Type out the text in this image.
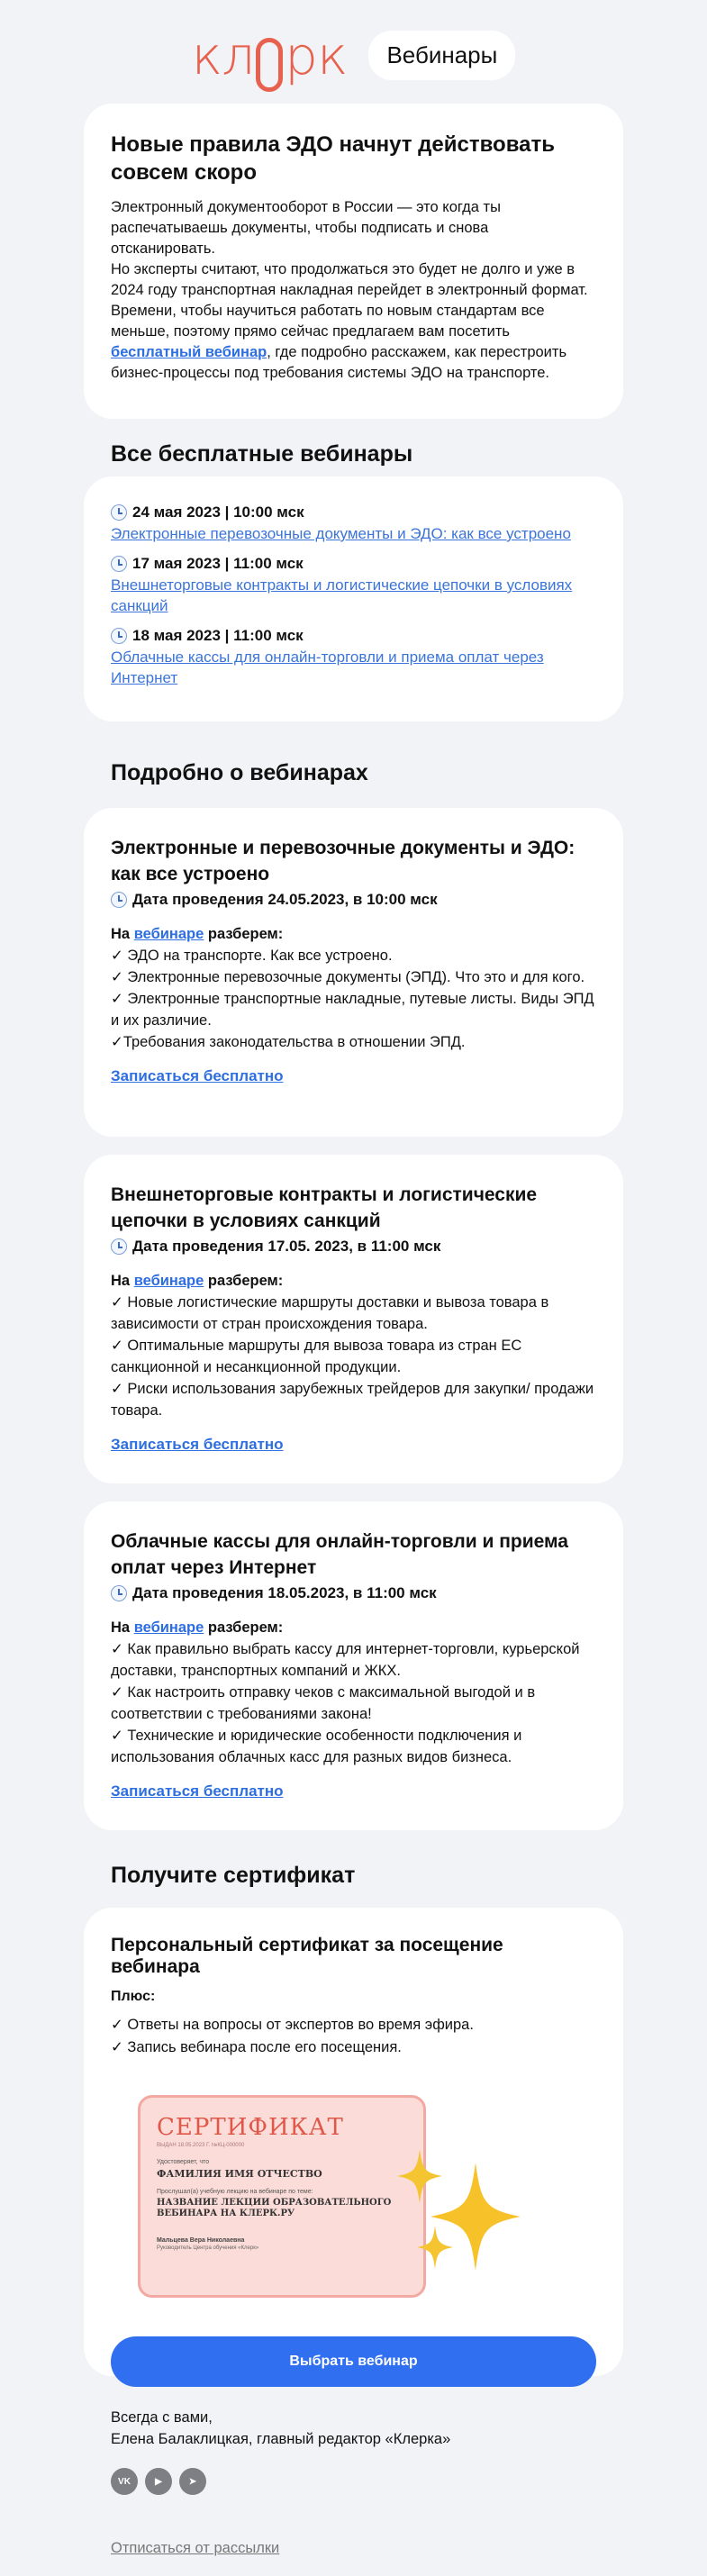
кл рк	Вебинары
Новые правила ЭДО начнут действовать совсем скоро

Электронный документооборот в России — это когда ты распечатываешь документы, чтобы подписать и снова отсканировать.
Но эксперты считают, что продолжаться это будет не долго и уже в 2024 году транспортная накладная перейдет в электронный формат. Времени, чтобы научиться работать по новым стандартам все меньше, поэтому прямо сейчас предлагаем вам посетить бесплатный вебинар, где подробно расскажем, как перестроить бизнес-процессы под требования системы ЭДО на транспорте.

Все бесплатные вебинары
24 мая 2023 | 10:00 мск
Электронные перевозочные документы и ЭДО: как все устроено
17 мая 2023 | 11:00 мск
Внешнеторговые контракты и логистические цепочки в условиях санкций
18 мая 2023 | 11:00 мск
Облачные кассы для онлайн-торговли и приема оплат через Интернет
Подробно о вебинарах
Электронные и перевозочные документы и ЭДО: как все устроено
Дата проведения 24.05.2023, в 10:00 мск
На вебинаре разберем:
✓ ЭДО на транспорте. Как все устроено.
✓ Электронные перевозочные документы (ЭПД). Что это и для кого.
✓ Электронные транспортные накладные, путевые листы. Виды ЭПД и их различие.
✓Требования законодательства в отношении ЭПД.
Записаться бесплатно
Внешнеторговые контракты и логистические цепочки в условиях санкций
Дата проведения 17.05. 2023, в 11:00 мск
На вебинаре разберем:
✓ Новые логистические маршруты доставки и вывоза товара в зависимости от стран происхождения товара.
✓ Оптимальные маршруты для вывоза товара из стран ЕС санкционной и несанкционной продукции.
✓ Риски использования зарубежных трейдеров для закупки/ продажи товара.
Записаться бесплатно
Облачные кассы для онлайн-торговли и приема оплат через Интернет
Дата проведения 18.05.2023, в 11:00 мск
На вебинаре разберем:
✓ Как правильно выбрать кассу для интернет-торговли, курьерской доставки, транспортных компаний и ЖКХ.
✓ Как настроить отправку чеков с максимальной выгодой и в соответствии с требованиями закона!
✓ Технические и юридические особенности подключения и использования облачных касс для разных видов бизнеса.
Записаться бесплатно
Получите сертификат
Персональный сертификат за посещение вебинара
Плюс:
✓ Ответы на вопросы от экспертов во время эфира.
✓ Запись вебинара после его посещения.
СЕРТИФИКАТ
ВЫДАН 18.05.2023 Г. №КЦ-000000
Удостоверяет, что
ФАМИЛИЯ ИМЯ ОТЧЕСТВО
Прослушал(а) учебную лекцию на вебинаре по теме:
НАЗВАНИЕ ЛЕКЦИИ ОБРАЗОВАТЕЛЬНОГО ВЕБИНАРА НА КЛЕРК.РУ
Мальцева Вера Николаевна
Руководитель Центра обучения «Клерк»
Выбрать вебинар
Всегда с вами,
Елена Балаклицкая, главный редактор «Клерка»
VK	▶	➤
Отписаться от рассылки
